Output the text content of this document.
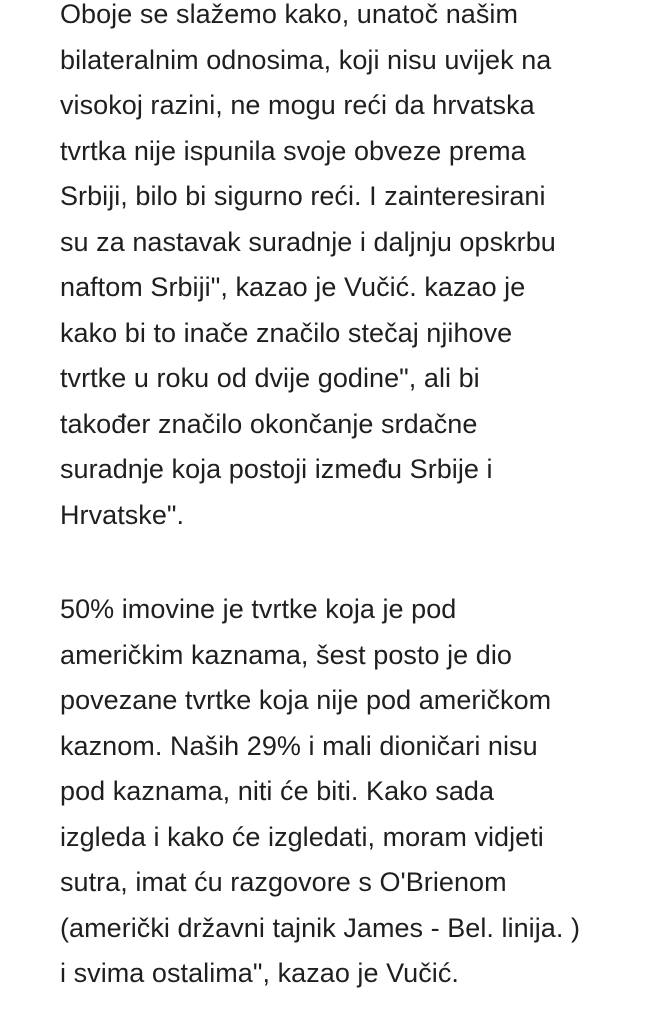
Oboje se slažemo kako, unatoč našim
bilateralnim odnosima, koji nisu uvijek na
visokoj razini, ne mogu reći da hrvatska
tvrtka nije ispunila svoje obveze prema
Srbiji, bilo bi sigurno reći. I zainteresirani
su za nastavak suradnje i daljnju opskrbu
naftom Srbiji", kazao je Vučić. kazao je
kako bi to inače značilo stečaj njihove
tvrtke u roku od dvije godine", ali bi
također značilo okončanje srdačne
suradnje koja postoji između Srbije i
Hrvatske".

50% imovine je tvrtke koja je pod
američkim kaznama, šest posto je dio
povezane tvrtke koja nije pod američkom
kaznom. Naših 29% i mali dioničari nisu
pod kaznama, niti će biti. Kako sada
izgleda i kako će izgledati, moram vidjeti
sutra, imat ću razgovore s O'Brienom
(američki državni tajnik James - Bel. linija. )
i svima ostalima", kazao je Vučić.
